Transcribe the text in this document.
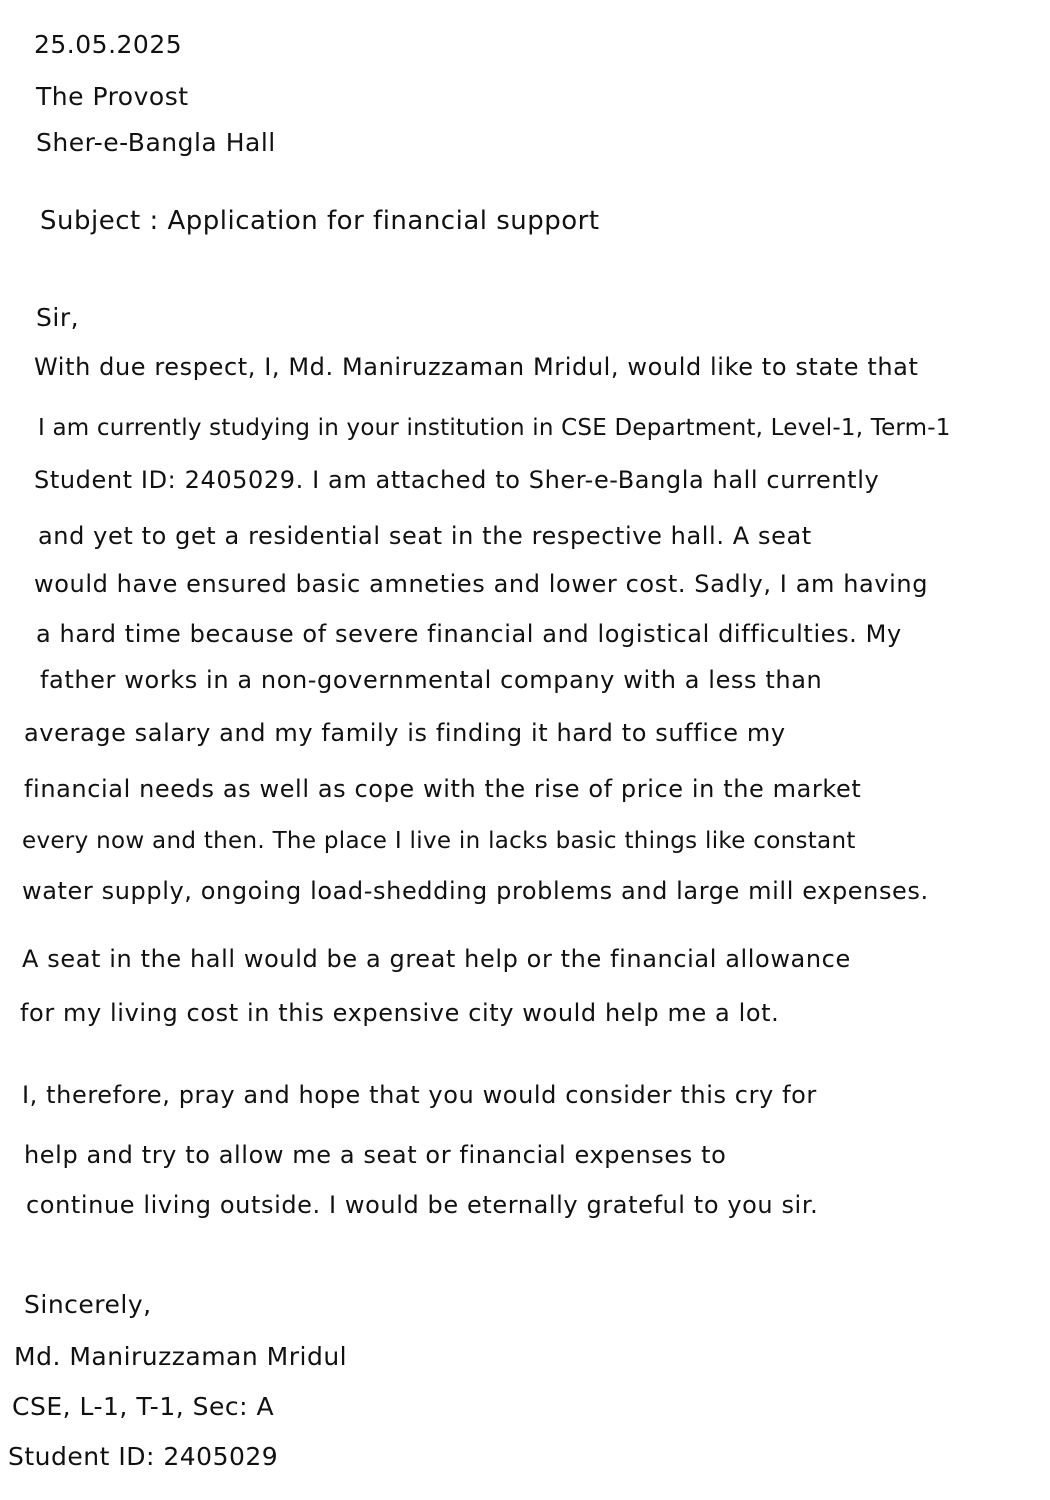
25.05.2025
The Provost
Sher-e-Bangla Hall
Subject : Application for financial support
Sir,
With due respect, I, Md. Maniruzzaman Mridul, would like to state that
I am currently studying in your institution in CSE Department, Level-1, Term-1
Student ID: 2405029. I am attached to Sher-e-Bangla hall currently
and yet to get a residential seat in the respective hall. A seat
would have ensured basic amneties and lower cost. Sadly, I am having
a hard time because of severe financial and logistical difficulties. My
father works in a non-governmental company with a less than
average salary and my family is finding it hard to suffice my
financial needs as well as cope with the rise of price in the market
every now and then. The place I live in lacks basic things like constant
water supply, ongoing load-shedding problems and large mill expenses.
A seat in the hall would be a great help or the financial allowance
for my living cost in this expensive city would help me a lot.
I, therefore, pray and hope that you would consider this cry for
help and try to allow me a seat or financial expenses to
continue living outside. I would be eternally grateful to you sir.
Sincerely,
Md. Maniruzzaman Mridul
CSE, L-1, T-1, Sec: A
Student ID: 2405029
